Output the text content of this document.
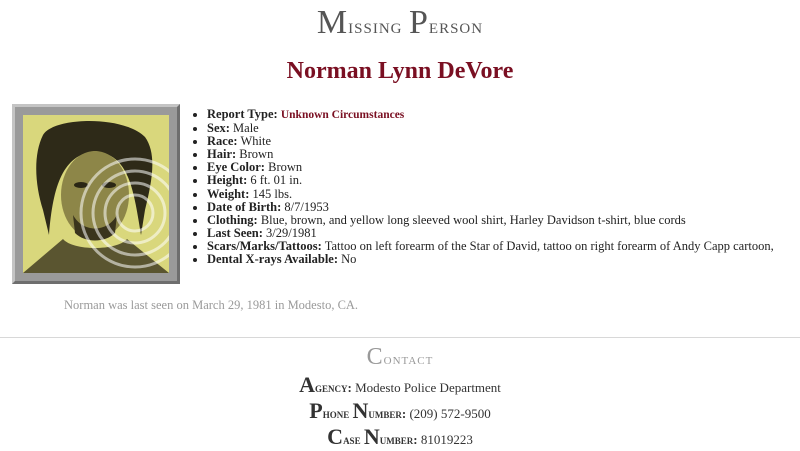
Missing Person
Norman Lynn DeVore
• Report Type: Unknown Circumstances
• Sex: Male
• Race: White
• Hair: Brown
• Eye Color: Brown
• Height: 6 ft. 01 in.
• Weight: 145 lbs.
• Date of Birth: 8/7/1953
• Clothing: Blue, brown, and yellow long sleeved wool shirt, Harley Davidson t-shirt, blue cords
• Last Seen: 3/29/1981
• Scars/Marks/Tattoos: Tattoo on left forearm of the Star of David, tattoo on right forearm of Andy Capp cartoon,
• Dental X-rays Available: No
Norman was last seen on March 29, 1981 in Modesto, CA.
Contact
Agency: Modesto Police Department
Phone Number: (209) 572-9500
Case Number: 81019223
